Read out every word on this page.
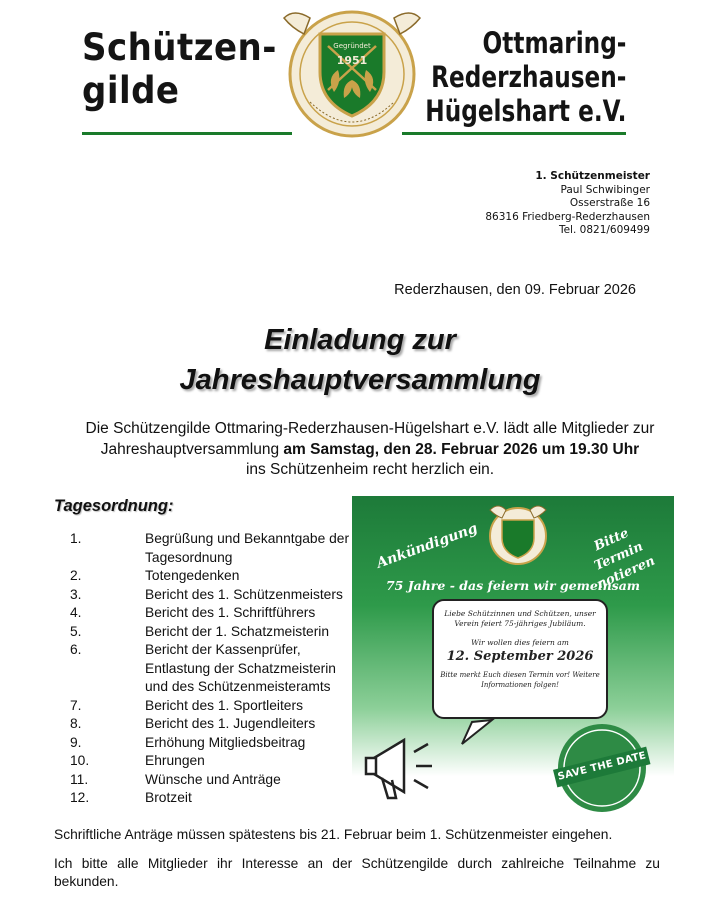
Schützen-
gilde
Gegründet
1951
Ottmaring-
Rederzhausen-
Hügelshart e.V.
1. Schützenmeister
Paul Schwibinger
Osserstraße 16
86316 Friedberg-Rederzhausen
Tel. 0821/609499
Rederzhausen, den 09. Februar 2026
Einladung zur
Jahreshauptversammlung
Die Schützengilde Ottmaring-Rederzhausen-Hügelshart e.V. lädt alle Mitglieder zur
Jahreshauptversammlung am Samstag, den 28. Februar 2026 um 19.30 Uhr
ins Schützenheim recht herzlich ein.
Tagesordnung:
1.	Begrüßung und Bekanntgabe der Tagesordnung
2.	Totengedenken
3.	Bericht des 1. Schützenmeisters
4.	Bericht des 1. Schriftführers
5.	Bericht der 1. Schatzmeisterin
6.	Bericht der Kassenprüfer, Entlastung der Schatzmeisterin und des Schützenmeisteramts
7.	Bericht des 1. Sportleiters
8.	Bericht des 1. Jugendleiters
9.	Erhöhung Mitgliedsbeitrag
10.	Ehrungen
11.	Wünsche und Anträge
12.	Brotzeit
Ankündigung	Bitte Termin notieren
75 Jahre - das feiern wir gemeinsam
Liebe Schützinnen und Schützen, unser Verein feiert 75-jähriges Jubiläum.
Wir wollen dies feiern am
12. September 2026
Bitte merkt Euch diesen Termin vor! Weitere Informationen folgen!
SAVE THE DATE
Schriftliche Anträge müssen spätestens bis 21. Februar beim 1. Schützenmeister eingehen.
Ich bitte alle Mitglieder ihr Interesse an der Schützengilde durch zahlreiche Teilnahme zu bekunden.
